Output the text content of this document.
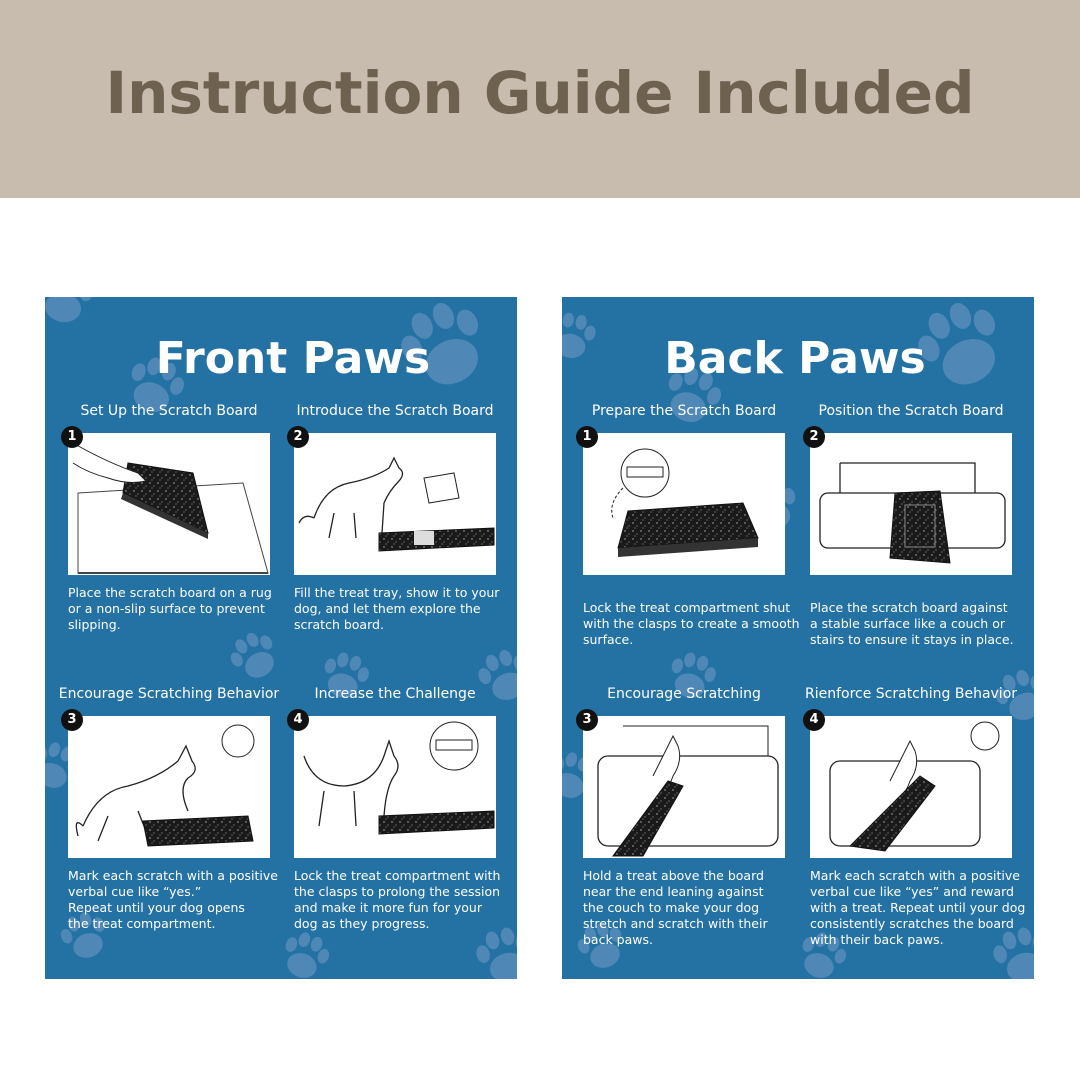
Instruction Guide Included
Front Paws
Set Up the Scratch Board
1

Place the scratch board on a rug
or a non-slip surface to prevent
slipping.

Introduce the Scratch Board
2

Fill the treat tray, show it to your
dog, and let them explore the
scratch board.

Encourage Scratching Behavior
3

Mark each scratch with a positive
verbal cue like “yes.”
Repeat until your dog opens
the treat compartment.

Increase the Challenge
4

Lock the treat compartment with
the clasps to prolong the session
and make it more fun for your
dog as they progress.

Back Paws
Prepare the Scratch Board
1

Lock the treat compartment shut
with the clasps to create a smooth
surface.

Position the Scratch Board
2

Place the scratch board against
a stable surface like a couch or
stairs to ensure it stays in place.

Encourage Scratching
3

Hold a treat above the board
near the end leaning against
the couch to make your dog
stretch and scratch with their
back paws.

Rienforce Scratching Behavior
4

Mark each scratch with a positive
verbal cue like “yes” and reward
with a treat. Repeat until your dog
consistently scratches the board
with their back paws.
